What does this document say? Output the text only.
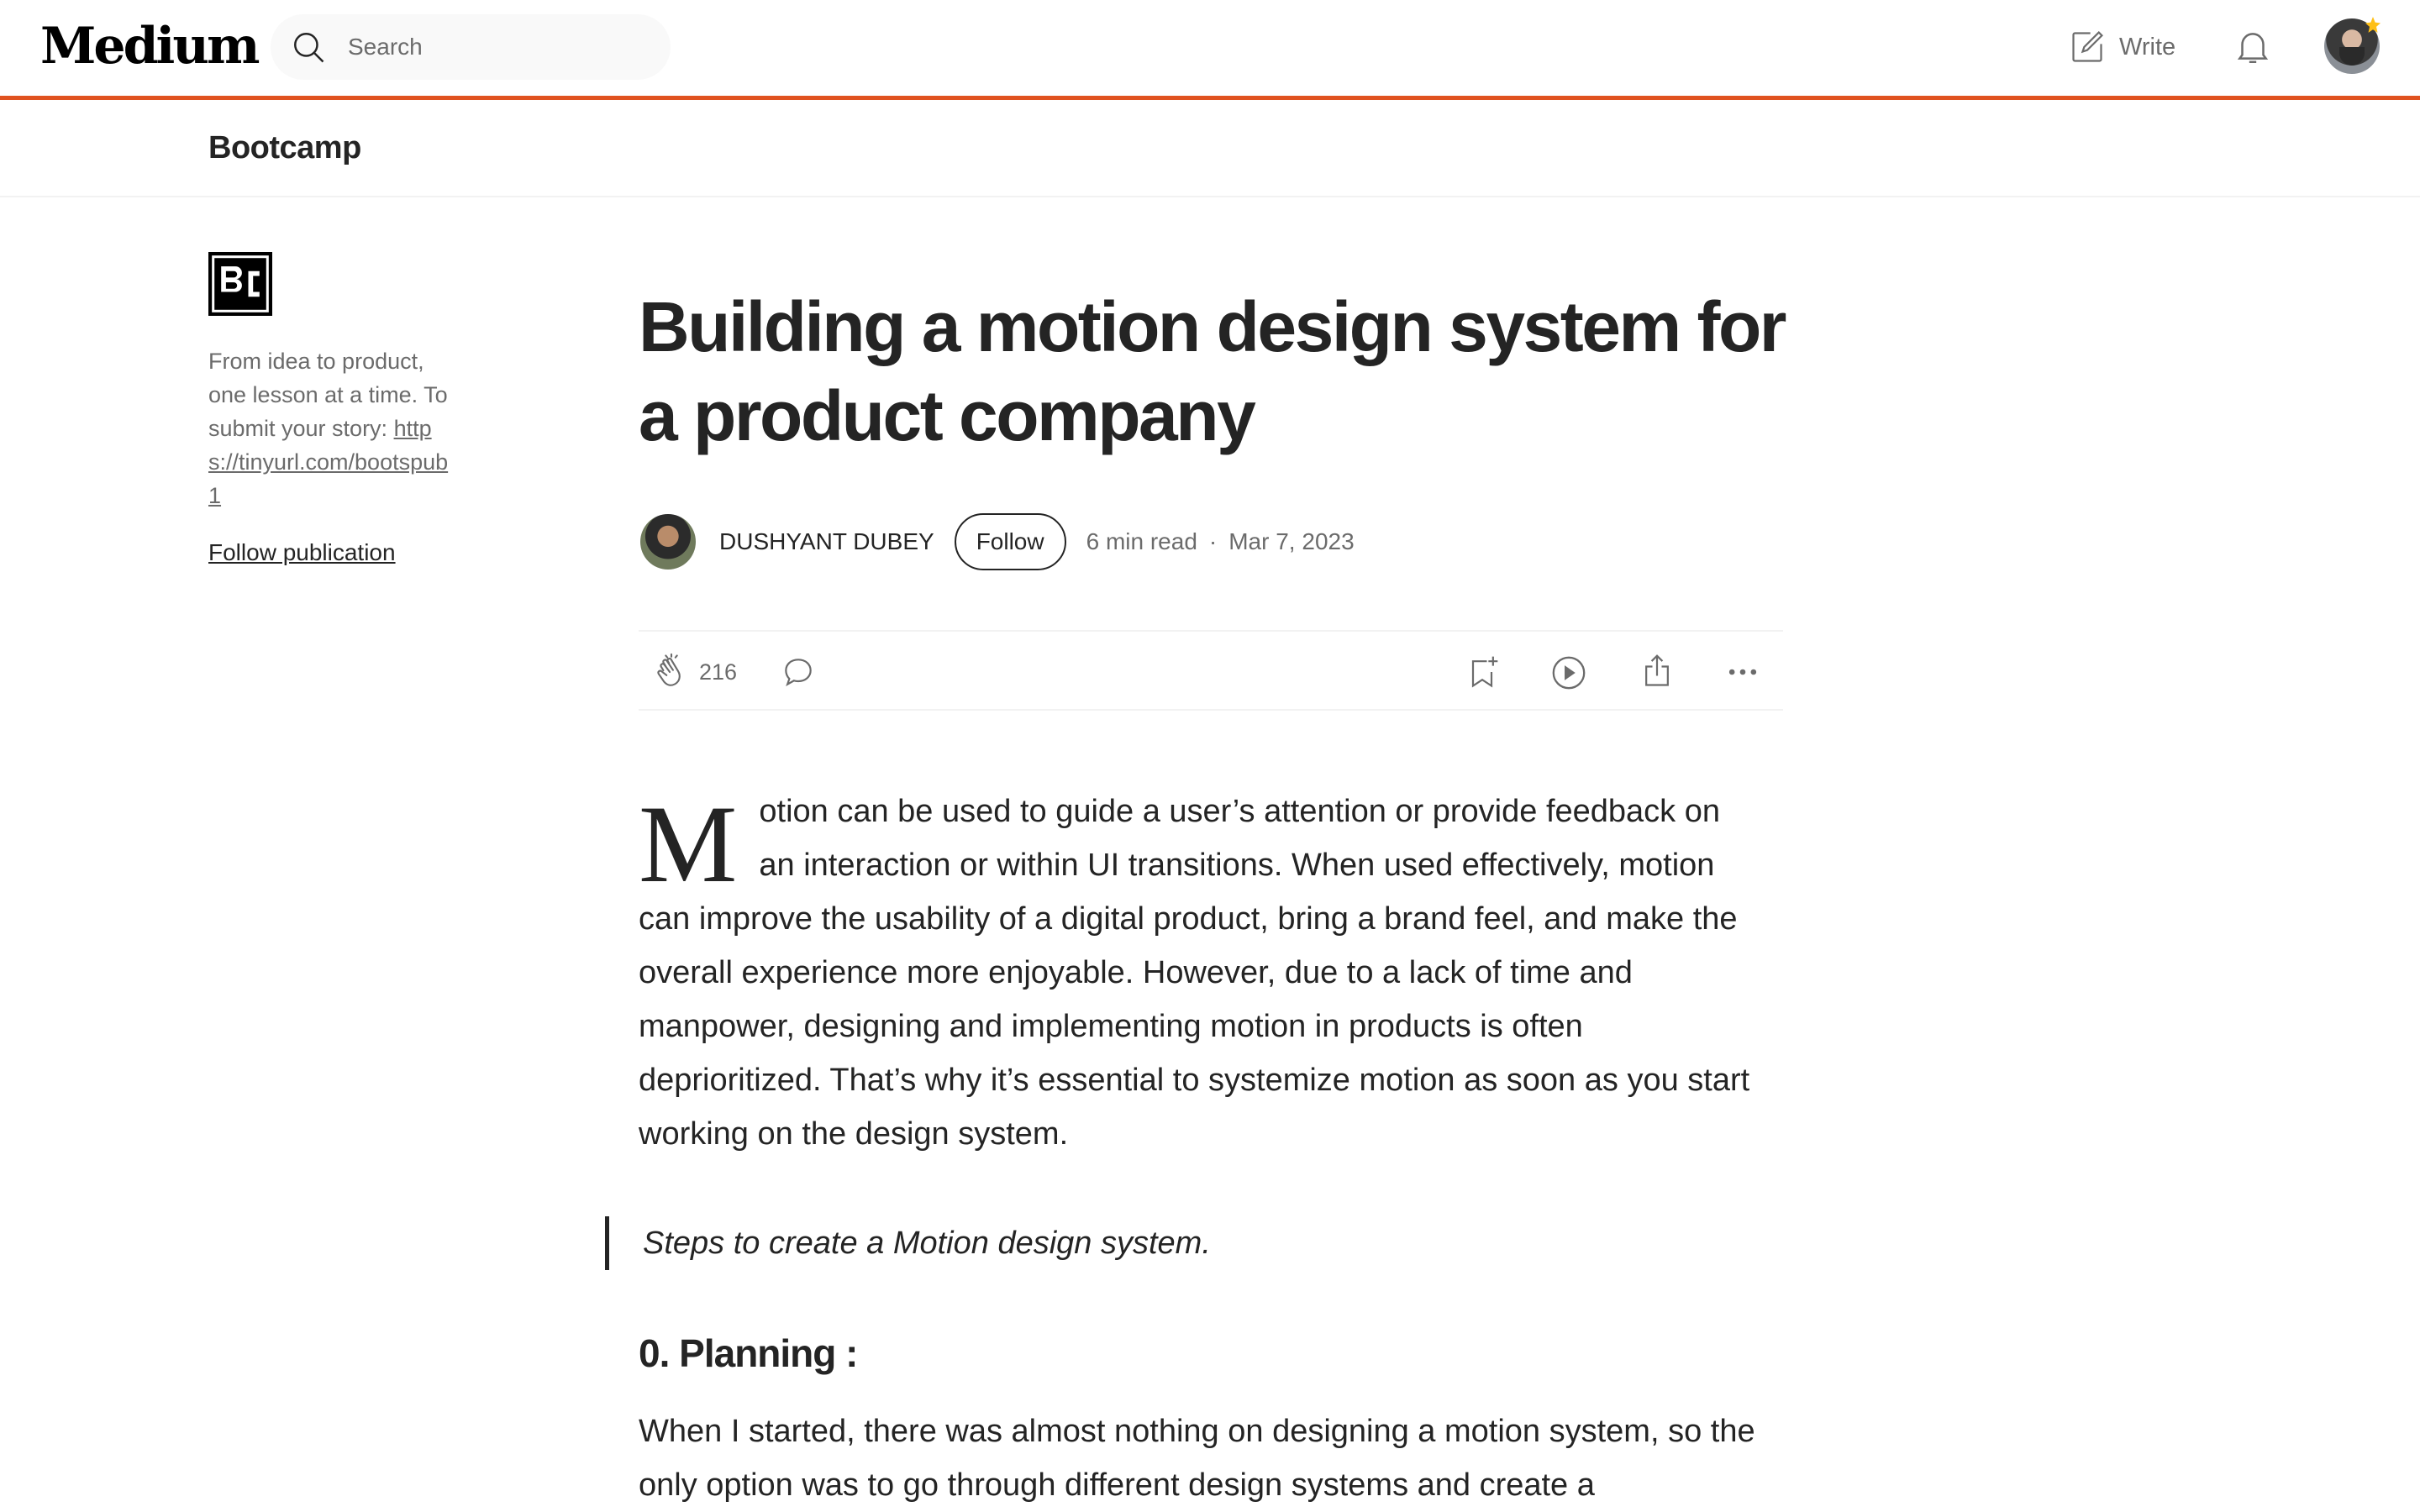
Medium
Search	Write
Bootcamp
From idea to product, one lesson at a time. To submit your story: https://tinyurl.com/bootspub1
Follow publication
Building a motion design system for a product company
DUSHYANT DUBEY	Follow	6 min read · Mar 7, 2023
216
Motion can be used to guide a user’s attention or provide feedback on an interaction or within UI transitions. When used effectively, motion can improve the usability of a digital product, bring a brand feel, and make the overall experience more enjoyable. However, due to a lack of time and manpower, designing and implementing motion in products is often deprioritized. That’s why it’s essential to systemize motion as soon as you start working on the design system.
Steps to create a Motion design system.
0. Planning :
When I started, there was almost nothing on designing a motion system, so the only option was to go through different design systems and create a
